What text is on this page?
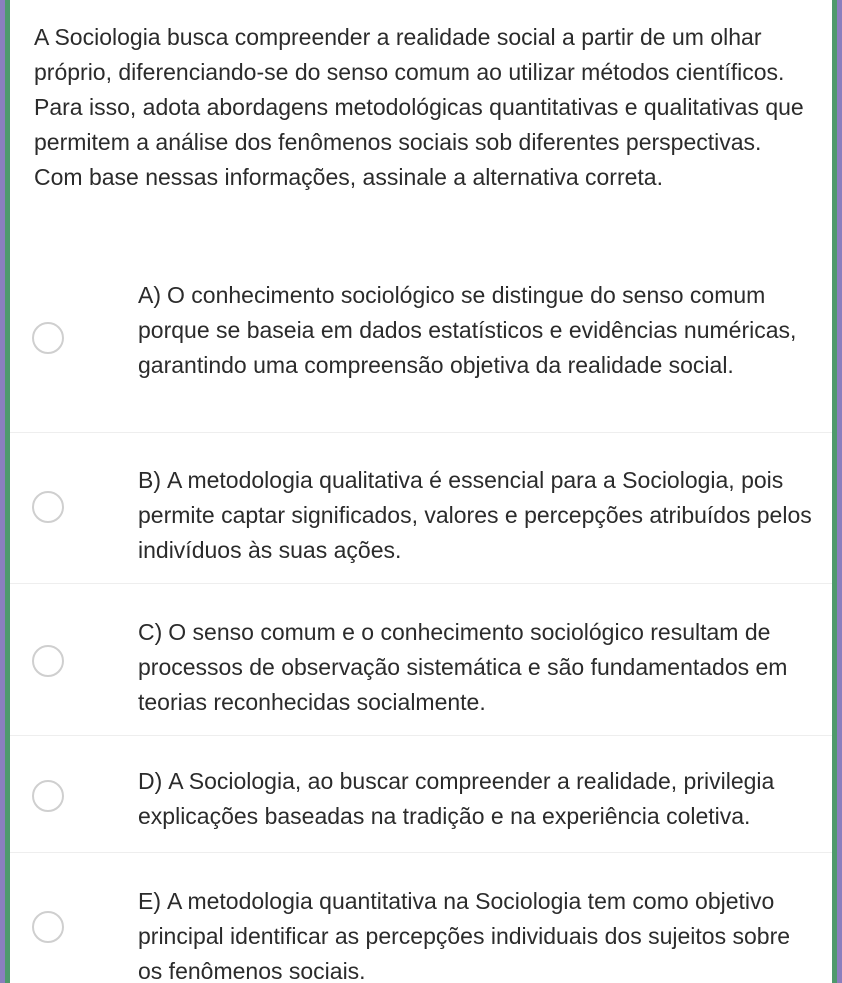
A Sociologia busca compreender a realidade social a partir de um olhar próprio, diferenciando-se do senso comum ao utilizar métodos científicos. Para isso, adota abordagens metodológicas quantitativas e qualitativas que permitem a análise dos fenômenos sociais sob diferentes perspectivas. Com base nessas informações, assinale a alternativa correta.

A) O conhecimento sociológico se distingue do senso comum porque se baseia em dados estatísticos e evidências numéricas, garantindo uma compreensão objetiva da realidade social.
B) A metodologia qualitativa é essencial para a Sociologia, pois permite captar significados, valores e percepções atribuídos pelos indivíduos às suas ações.
C) O senso comum e o conhecimento sociológico resultam de processos de observação sistemática e são fundamentados em teorias reconhecidas socialmente.
D) A Sociologia, ao buscar compreender a realidade, privilegia explicações baseadas na tradição e na experiência coletiva.
E) A metodologia quantitativa na Sociologia tem como objetivo principal identificar as percepções individuais dos sujeitos sobre os fenômenos sociais.
